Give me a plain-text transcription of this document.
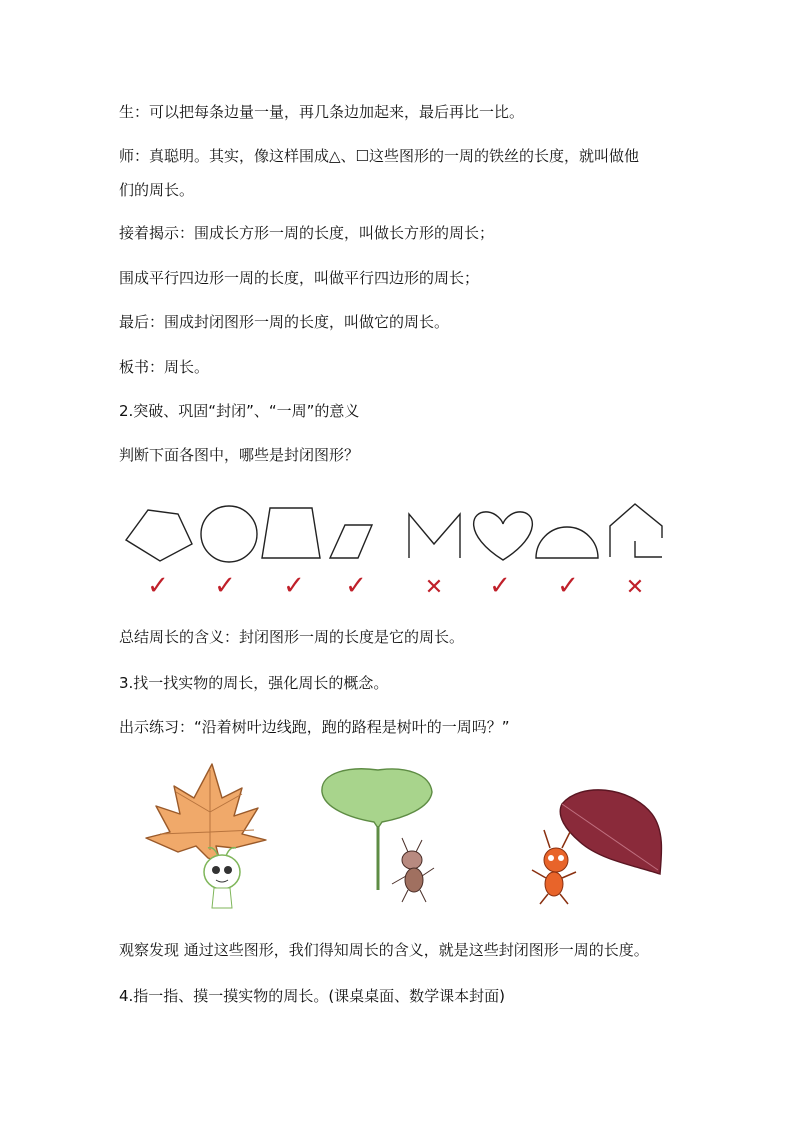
生：可以把每条边量一量，再几条边加起来，最后再比一比。
师：真聪明。其实，像这样围成△、☐这些图形的一周的铁丝的长度，就叫做他
们的周长。
接着揭示：围成长方形一周的长度，叫做长方形的周长；
围成平行四边形一周的长度，叫做平行四边形的周长；
最后：围成封闭图形一周的长度，叫做它的周长。
板书：周长。
2.突破、巩固“封闭”、“一周”的意义
判断下面各图中，哪些是封闭图形？
✓ ✓ ✓ ✓	✕ ✓ ✓ ✕
总结周长的含义：封闭图形一周的长度是它的周长。
3.找一找实物的周长，强化周长的概念。
出示练习：“沿着树叶边线跑，跑的路程是树叶的一周吗？”
观察发现 通过这些图形，我们得知周长的含义，就是这些封闭图形一周的长度。
4.指一指、摸一摸实物的周长。(课桌桌面、数学课本封面)
